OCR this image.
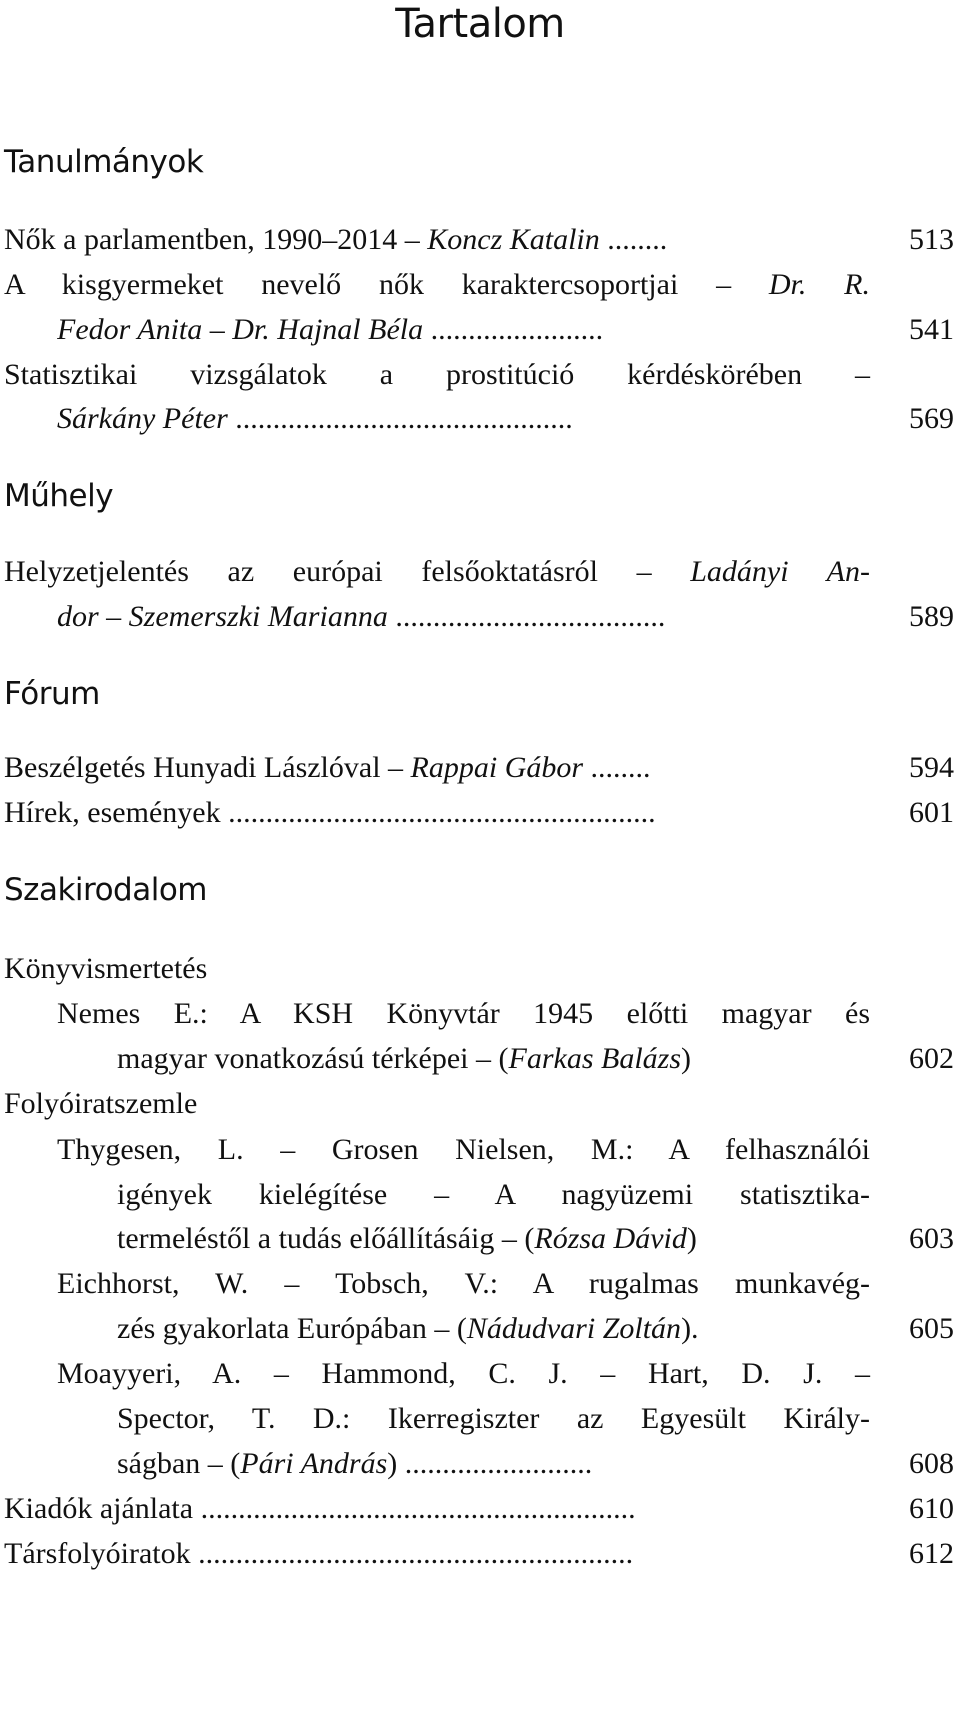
Tartalom
Tanulmányok
Nők a parlamentben, 1990–2014 – Koncz Katalin ........	513
A kisgyermeket nevelő nők karaktercsoportjai – Dr. R.
Fedor Anita – Dr. Hajnal Béla .......................	541
Statisztikai vizsgálatok a prostitúció kérdéskörében –
Sárkány Péter .............................................	569
Műhely
Helyzetjelentés az európai felsőoktatásról – Ladányi An-
dor – Szemerszki Marianna ....................................	589
Fórum
Beszélgetés Hunyadi Lászlóval – Rappai Gábor ........	594
Hírek, események .........................................................	601
Szakirodalom
Könyvismertetés
Nemes E.: A KSH Könyvtár 1945 előtti magyar és
magyar vonatkozású térképei – (Farkas Balázs)	602
Folyóiratszemle
Thygesen, L. – Grosen Nielsen, M.: A felhasználói
igények kielégítése – A nagyüzemi statisztika-
termeléstől a tudás előállításáig – (Rózsa Dávid)	603
Eichhorst, W. – Tobsch, V.: A rugalmas munkavég-
zés gyakorlata Európában – (Nádudvari Zoltán).	605
Moayyeri, A. – Hammond, C. J. – Hart, D. J. –
Spector, T. D.: Ikerregiszter az Egyesült Király-
ságban – (Pári András) .........................	608
Kiadók ajánlata ..........................................................	610
Társfolyóiratok ..........................................................	612
